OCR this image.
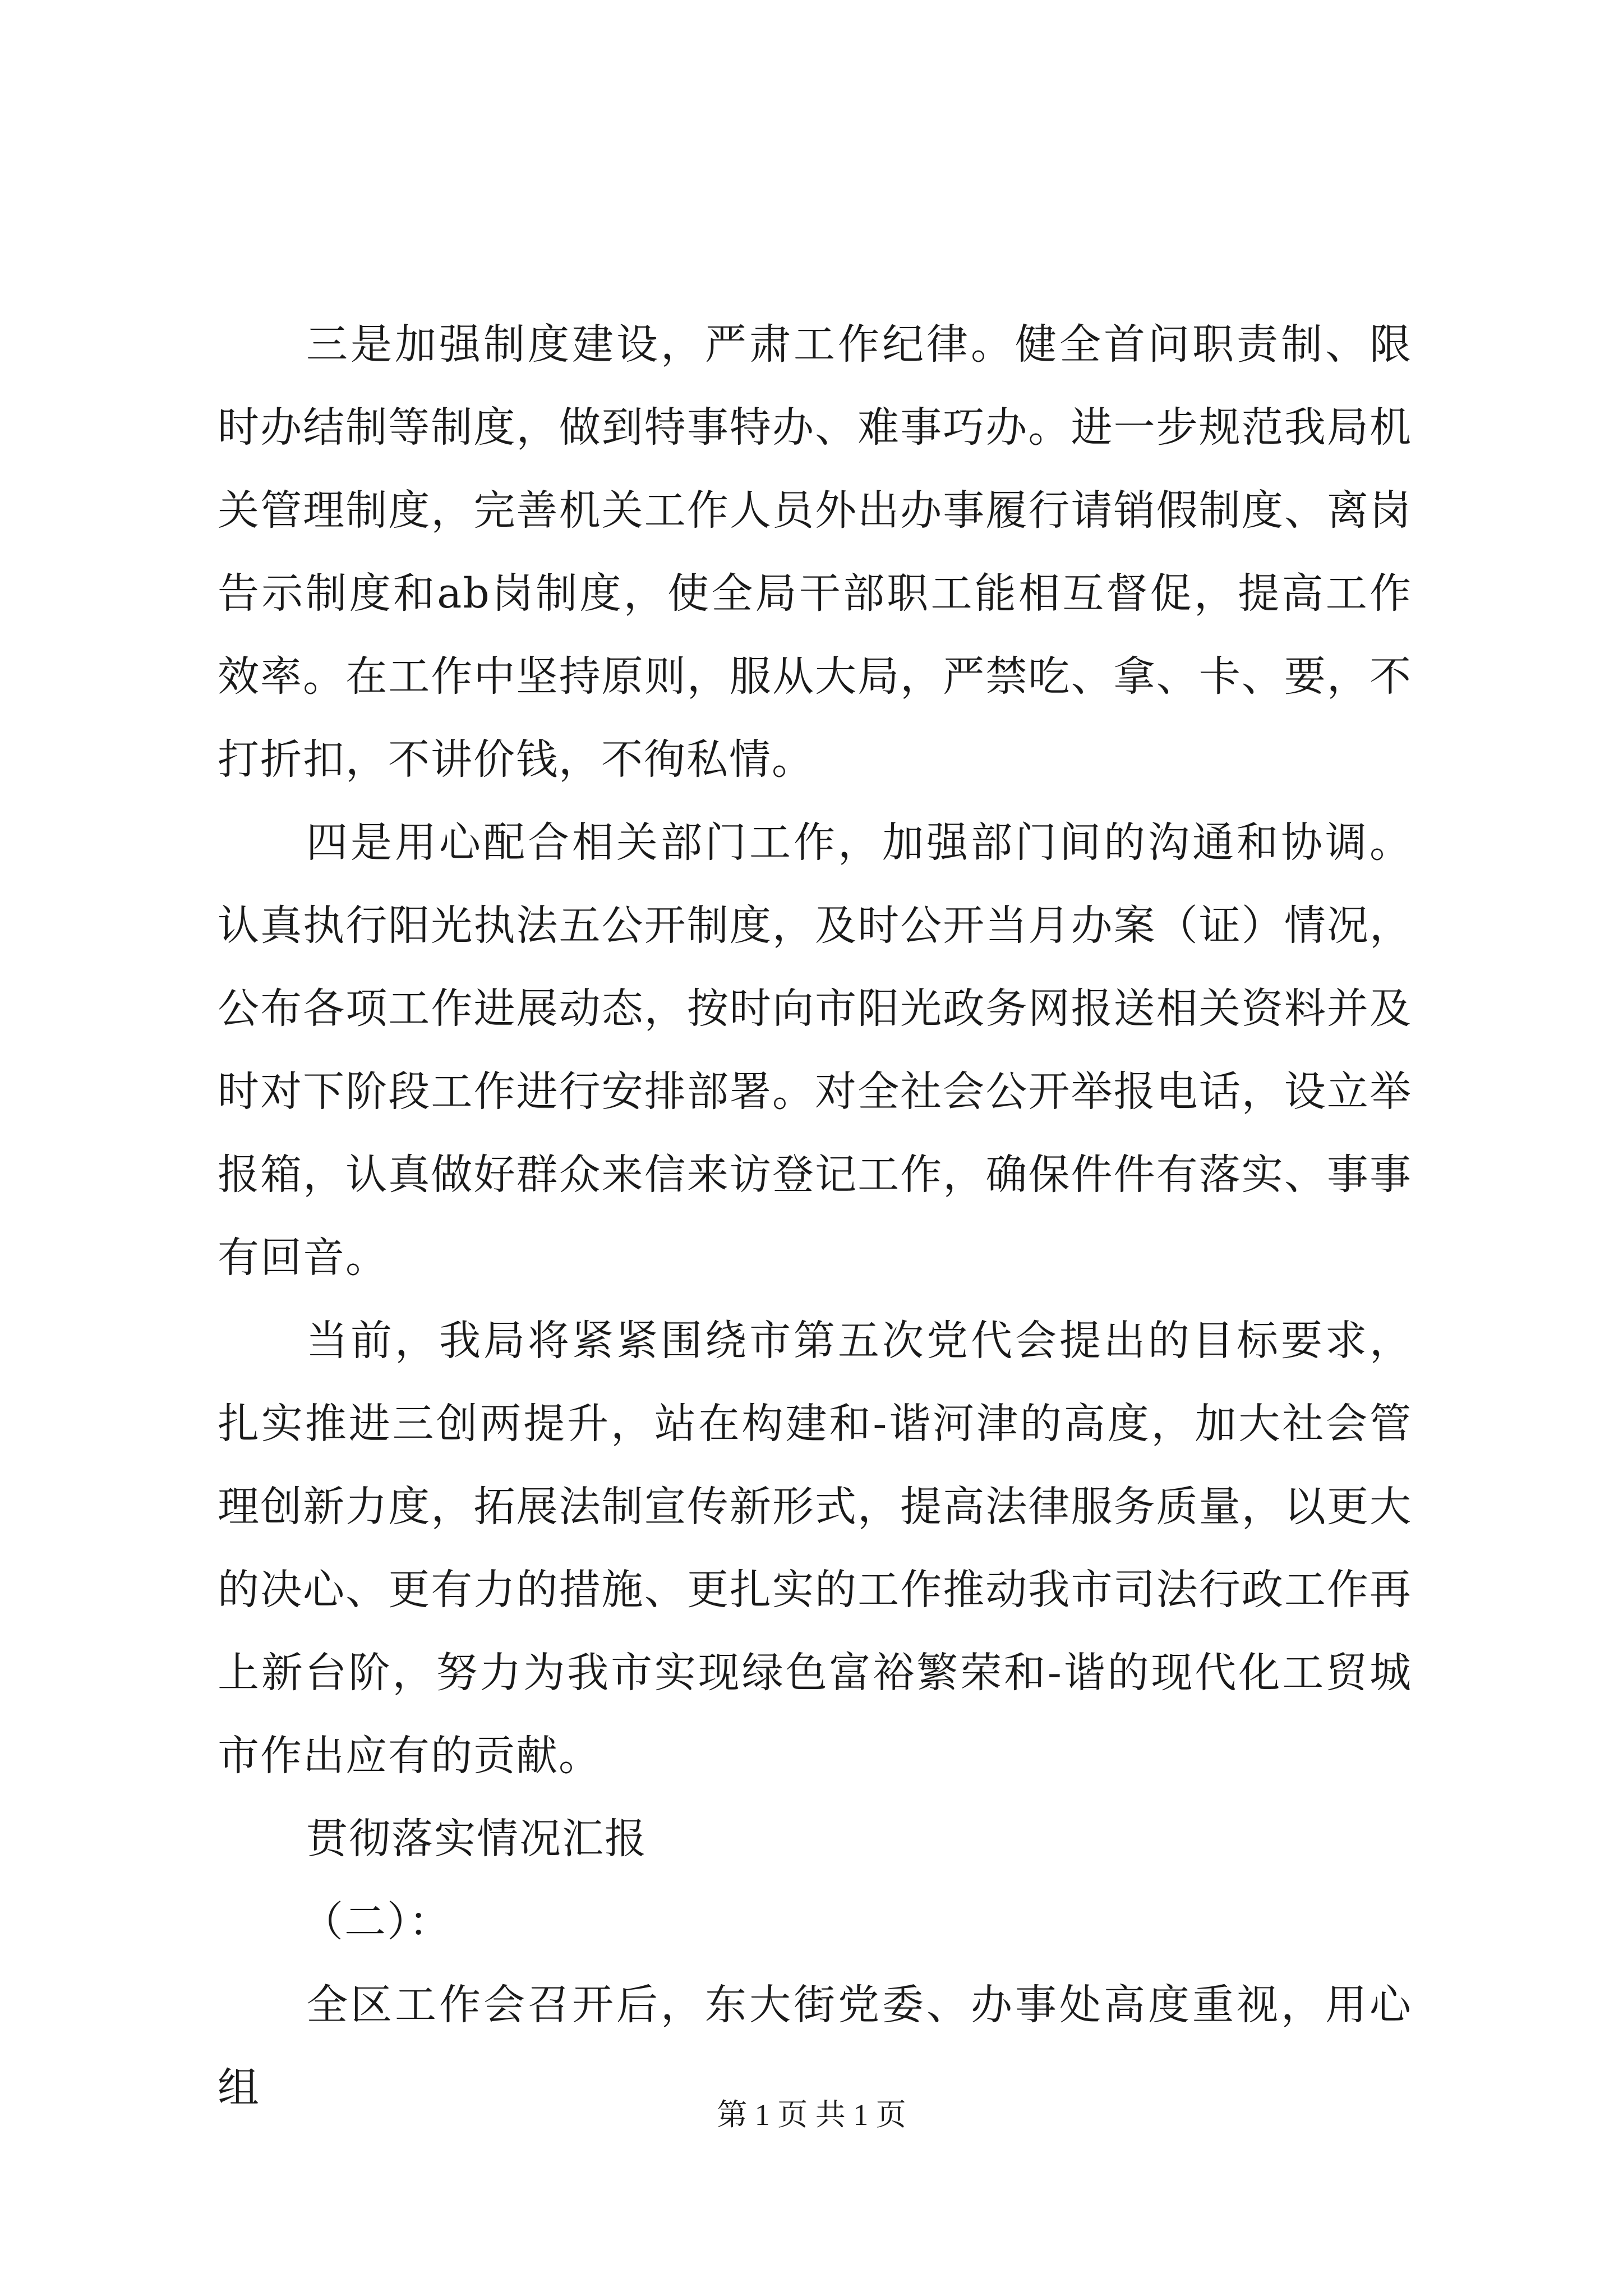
三是加强制度建设，严肃工作纪律。健全首问职责制、限时办结制等制度，做到特事特办、难事巧办。进一步规范我局机关管理制度，完善机关工作人员外出办事履行请销假制度、离岗告示制度和ab岗制度，使全局干部职工能相互督促，提高工作效率。在工作中坚持原则，服从大局，严禁吃、拿、卡、要，不打折扣，不讲价钱，不徇私情。

四是用心配合相关部门工作，加强部门间的沟通和协调。认真执行阳光执法五公开制度，及时公开当月办案（证）情况，公布各项工作进展动态，按时向市阳光政务网报送相关资料并及时对下阶段工作进行安排部署。对全社会公开举报电话，设立举报箱，认真做好群众来信来访登记工作，确保件件有落实、事事有回音。

当前，我局将紧紧围绕市第五次党代会提出的目标要求，扎实推进三创两提升，站在构建和-谐河津的高度，加大社会管理创新力度，拓展法制宣传新形式，提高法律服务质量，以更大的决心、更有力的措施、更扎实的工作推动我市司法行政工作再上新台阶，努力为我市实现绿色富裕繁荣和-谐的现代化工贸城市作出应有的贡献。

贯彻落实情况汇报

（二）：

全区工作会召开后，东大街党委、办事处高度重视，用心组

第 1 页 共 1 页
